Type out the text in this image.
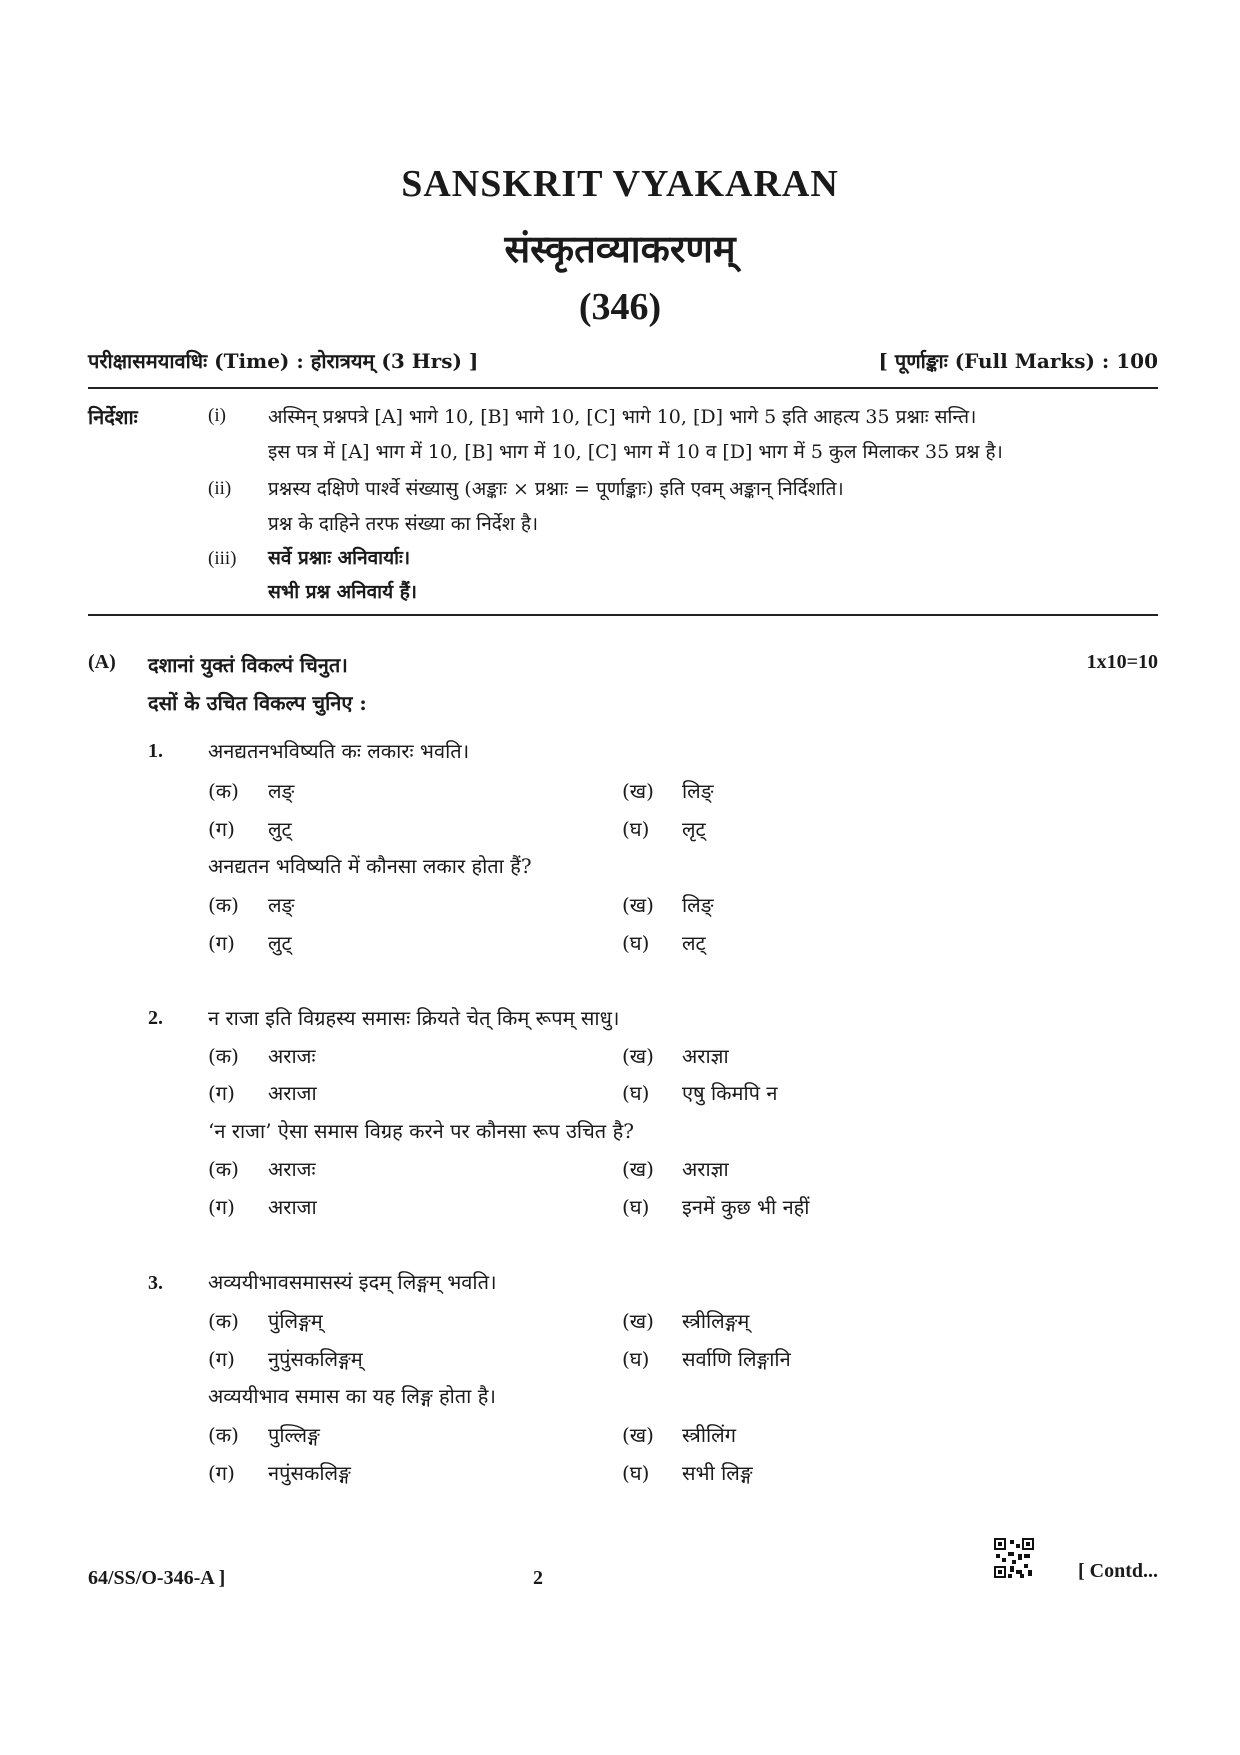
SANSKRIT VYAKARAN
संस्कृतव्याकरणम्
(346)
परीक्षासमयावधिः (Time) : होरात्रयम् (3 Hrs) ]	[ पूर्णाङ्काः (Full Marks) : 100
निर्देशाः	(i) अस्मिन् प्रश्नपत्रे [A] भागे 10, [B] भागे 10, [C] भागे 10, [D] भागे 5 इति आहत्य 35 प्रश्नाः सन्ति।
इस पत्र में [A] भाग में 10, [B] भाग में 10, [C] भाग में 10 व [D] भाग में 5 कुल मिलाकर 35 प्रश्न है।
(ii) प्रश्नस्य दक्षिणे पार्श्वे संख्यासु (अङ्काः × प्रश्नाः = पूर्णाङ्काः) इति एवम् अङ्कान् निर्दिशति।
प्रश्न के दाहिने तरफ संख्या का निर्देश है।
(iii) सर्वे प्रश्नाः अनिवार्याः।
सभी प्रश्न अनिवार्य हैं।
(A) दशानां युक्तं विकल्पं चिनुत।
दसों के उचित विकल्प चुनिए :
1x10=10
1. अनद्यतनभविष्यति कः लकारः भवति।
(क) लङ्	(ख) लिङ्
(ग) लुट्	(घ) लृट्
अनद्यतन भविष्यति में कौनसा लकार होता हैं?
(क) लङ्	(ख) लिङ्
(ग) लुट्	(घ) लट्
2. न राजा इति विग्रहस्य समासः क्रियते चेत् किम् रूपम् साधु।
(क) अराजः	(ख) अराज्ञा
(ग) अराजा	(घ) एषु किमपि न
‘न राजा’ ऐसा समास विग्रह करने पर कौनसा रूप उचित है?
(क) अराजः	(ख) अराज्ञा
(ग) अराजा	(घ) इनमें कुछ भी नहीं
3. अव्ययीभावसमासस्यं इदम् लिङ्गम् भवति।
(क) पुंलिङ्गम्	(ख) स्त्रीलिङ्गम्
(ग) नुपुंसकलिङ्गम्	(घ) सर्वाणि लिङ्गानि
अव्ययीभाव समास का यह लिङ्ग होता है।
(क) पुल्लिङ्ग	(ख) स्त्रीलिंग
(ग) नपुंसकलिङ्ग	(घ) सभी लिङ्ग
64/SS/O-346-A ]	2	[ Contd...
